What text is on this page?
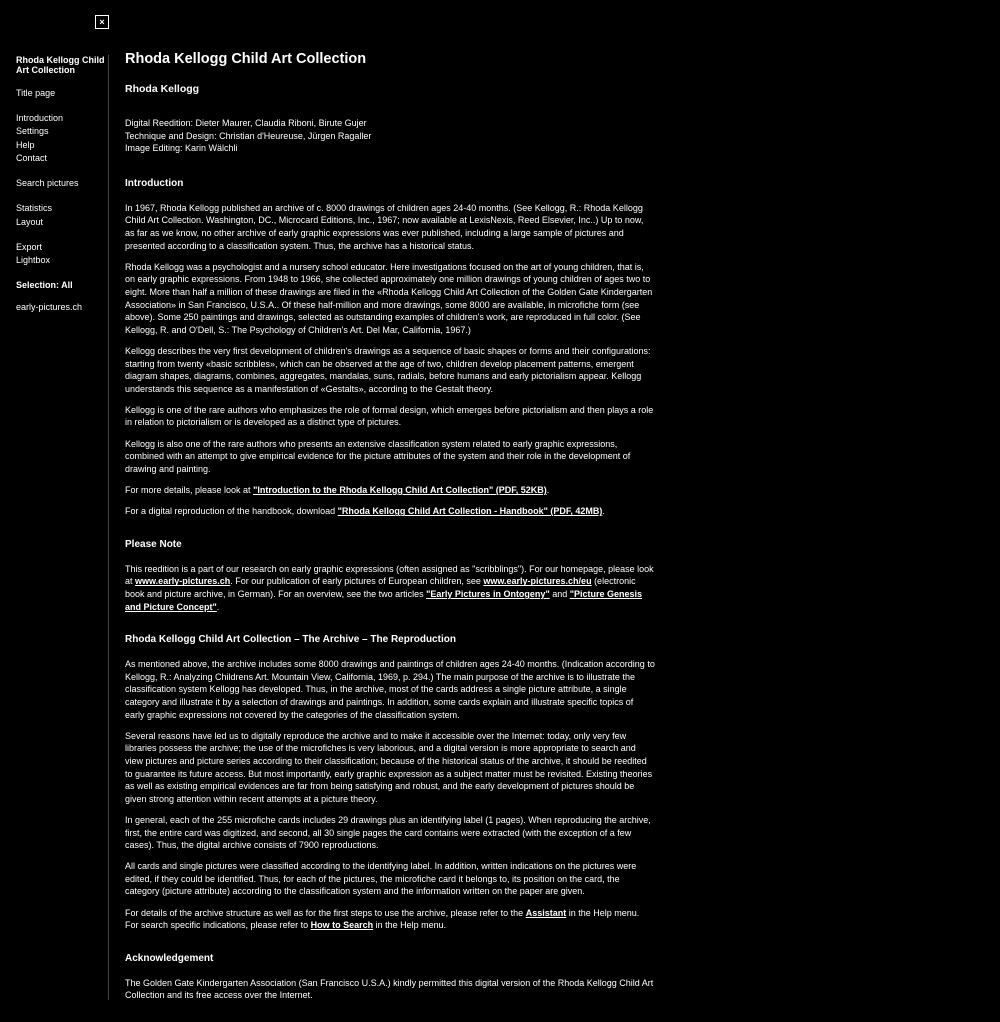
×
Rhoda Kellogg Child Art Collection
Title page
Introduction
Settings
Help
Contact
Search pictures
Statistics
Layout
Export
Lightbox
Selection: All
early-pictures.ch
Rhoda Kellogg Child Art Collection
Rhoda Kellogg
Digital Reedition: Dieter Maurer, Claudia Riboni, Birute Gujer
Technique and Design: Christian d'Heureuse, Jürgen Ragaller
Image Editing: Karin Wälchli
Introduction

In 1967, Rhoda Kellogg published an archive of c. 8000 drawings of children ages 24-40 months. (See Kellogg, R.: Rhoda Kellogg Child Art Collection. Washington, DC., Microcard Editions, Inc., 1967; now available at LexisNexis, Reed Elsevier, Inc..) Up to now, as far as we know, no other archive of early graphic expressions was ever published, including a large sample of pictures and presented according to a classification system. Thus, the archive has a historical status.

Rhoda Kellogg was a psychologist and a nursery school educator. Here investigations focused on the art of young children, that is, on early graphic expressions. From 1948 to 1966, she collected approximately one million drawings of young children of ages two to eight. More than half a million of these drawings are filed in the «Rhoda Kellogg Child Art Collection of the Golden Gate Kindergarten Association» in San Francisco, U.S.A.. Of these half-million and more drawings, some 8000 are available, in microfiche form (see above). Some 250 paintings and drawings, selected as outstanding examples of children's work, are reproduced in full color. (See Kellogg, R. and O'Dell, S.: The Psychology of Children's Art. Del Mar, California, 1967.)

Kellogg describes the very first development of children's drawings as a sequence of basic shapes or forms and their configurations: starting from twenty «basic scribbles», which can be observed at the age of two, children develop placement patterns, emergent diagram shapes, diagrams, combines, aggregates, mandalas, suns, radials, before humans and early pictorialism appear. Kellogg understands this sequence as a manifestation of «Gestalts», according to the Gestalt theory.

Kellogg is one of the rare authors who emphasizes the role of formal design, which emerges before pictorialism and then plays a role in relation to pictorialism or is developed as a distinct type of pictures.

Kellogg is also one of the rare authors who presents an extensive classification system related to early graphic expressions, combined with an attempt to give empirical evidence for the picture attributes of the system and their role in the development of drawing and painting.

For more details, please look at "Introduction to the Rhoda Kellogg Child Art Collection" (PDF, 52KB).

For a digital reproduction of the handbook, download "Rhoda Kellogg Child Art Collection - Handbook" (PDF, 42MB).

Please Note

This reedition is a part of our research on early graphic expressions (often assigned as "scribblings"). For our homepage, please look at www.early-pictures.ch. For our publication of early pictures of European children, see www.early-pictures.ch/eu (electronic book and picture archive, in German). For an overview, see the two articles "Early Pictures in Ontogeny" and "Picture Genesis and Picture Concept".

Rhoda Kellogg Child Art Collection – The Archive – The Reproduction

As mentioned above, the archive includes some 8000 drawings and paintings of children ages 24-40 months. (Indication according to Kellogg, R.: Analyzing Childrens Art. Mountain View, California, 1969, p. 294.) The main purpose of the archive is to illustrate the classification system Kellogg has developed. Thus, in the archive, most of the cards address a single picture attribute, a single category and illustrate it by a selection of drawings and paintings. In addition, some cards explain and illustrate specific topics of early graphic expressions not covered by the categories of the classification system.

Several reasons have led us to digitally reproduce the archive and to make it accessible over the Internet: today, only very few libraries possess the archive; the use of the microfiches is very laborious, and a digital version is more appropriate to search and view pictures and picture series according to their classification; because of the historical status of the archive, it should be reedited to guarantee its future access. But most importantly, early graphic expression as a subject matter must be revisited. Existing theories as well as existing empirical evidences are far from being satisfying and robust, and the early development of pictures should be given strong attention within recent attempts at a picture theory.

In general, each of the 255 microfiche cards includes 29 drawings plus an identifying label (1 pages). When reproducing the archive, first, the entire card was digitized, and second, all 30 single pages the card contains were extracted (with the exception of a few cases). Thus, the digital archive consists of 7900 reproductions.

All cards and single pictures were classified according to the identifying label. In addition, written indications on the pictures were edited, if they could be identified. Thus, for each of the pictures, the microfiche card it belongs to, its position on the card, the category (picture attribute) according to the classification system and the information written on the paper are given.

For details of the archive structure as well as for the first steps to use the archive, please refer to the Assistant in the Help menu. For search specific indications, please refer to How to Search in the Help menu.

Acknowledgement

The Golden Gate Kindergarten Association (San Francisco U.S.A.) kindly permitted this digital version of the Rhoda Kellogg Child Art Collection and its free access over the Internet.
